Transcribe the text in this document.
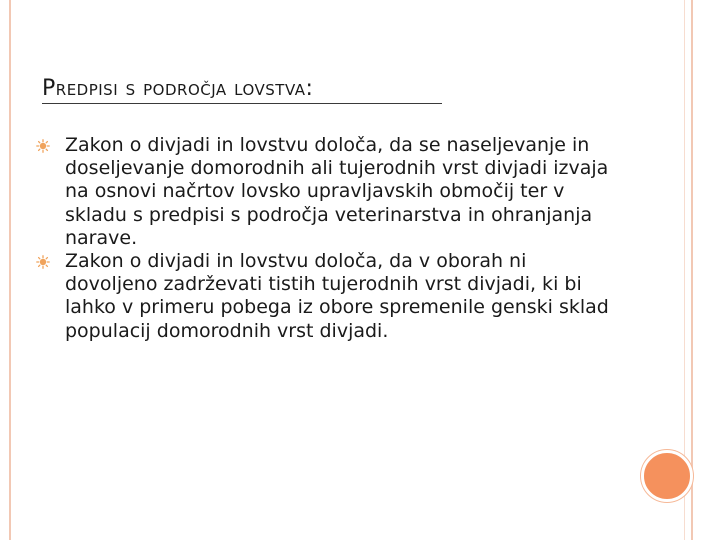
Predpisi s področja lovstva:
Zakon o divjadi in lovstvu določa, da se naseljevanje in doseljevanje domorodnih ali tujerodnih vrst divjadi izvaja na osnovi načrtov lovsko upravljavskih območij ter v skladu s predpisi s področja veterinarstva in ohranjanja narave.
Zakon o divjadi in lovstvu določa, da v oborah ni dovoljeno zadrževati tistih tujerodnih vrst divjadi, ki bi lahko v primeru pobega iz obore spremenile genski sklad populacij domorodnih vrst divjadi.
